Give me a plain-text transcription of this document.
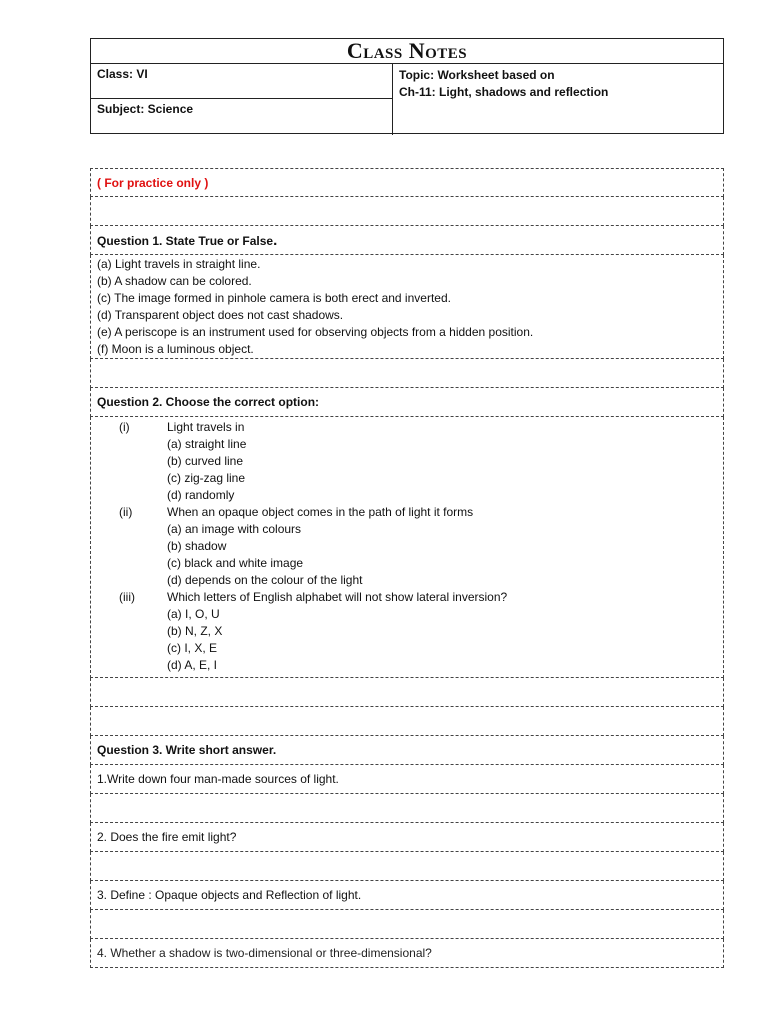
Class Notes
Class: VI
Subject: Science
Topic: Worksheet based on
Ch-11: Light, shadows and reflection
( For practice only )
Question 1. State True or False.
(a) Light travels in straight line.
(b) A shadow can be colored.
(c) The image formed in pinhole camera is both erect and inverted.
(d) Transparent object does not cast shadows.
(e) A periscope is an instrument used for observing objects from a hidden position.
(f) Moon is a luminous object.
Question 2. Choose the correct option:
(i)	Light travels in
(a) straight line
(b) curved line
(c) zig-zag line
(d) randomly
(ii)	When an opaque object comes in the path of light it forms
(a) an image with colours
(b) shadow
(c) black and white image
(d) depends on the colour of the light
(iii)	Which letters of English alphabet will not show lateral inversion?
(a) I, O, U
(b) N, Z, X
(c) I, X, E
(d) A, E, I
Question 3. Write short answer.
1.Write down four man-made sources of light.
2. Does the fire emit light?
3. Define : Opaque objects and Reflection of light.
4. Whether a shadow is two-dimensional or three-dimensional?
